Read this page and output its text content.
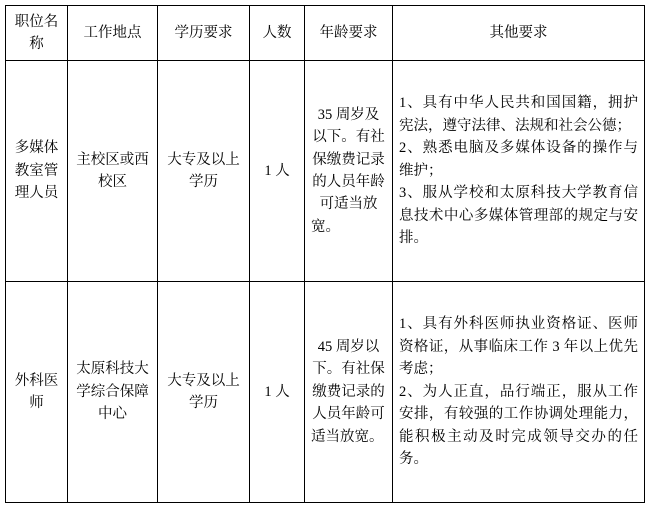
职位名称	工作地点	学历要求	人数	年龄要求	其他要求
多媒体教室管理人员	主校区或西校区	大专及以上学历	1 人	35 周岁及以下。有社保缴费记录的人员年龄可适当放宽。	1、具有中华人民共和国国籍，拥护宪法，遵守法律、法规和社会公德；

2、熟悉电脑及多媒体设备的操作与维护；

3、服从学校和太原科技大学教育信息技术中心多媒体管理部的规定与安排。

外科医师	太原科技大学综合保障中心	大专及以上学历	1 人	45 周岁以下。有社保缴费记录的人员年龄可适当放宽。	1、具有外科医师执业资格证、医师资格证，从事临床工作 3 年以上优先考虑；

2、为人正直，品行端正，服从工作安排，有较强的工作协调处理能力，能积极主动及时完成领导交办的任务。
